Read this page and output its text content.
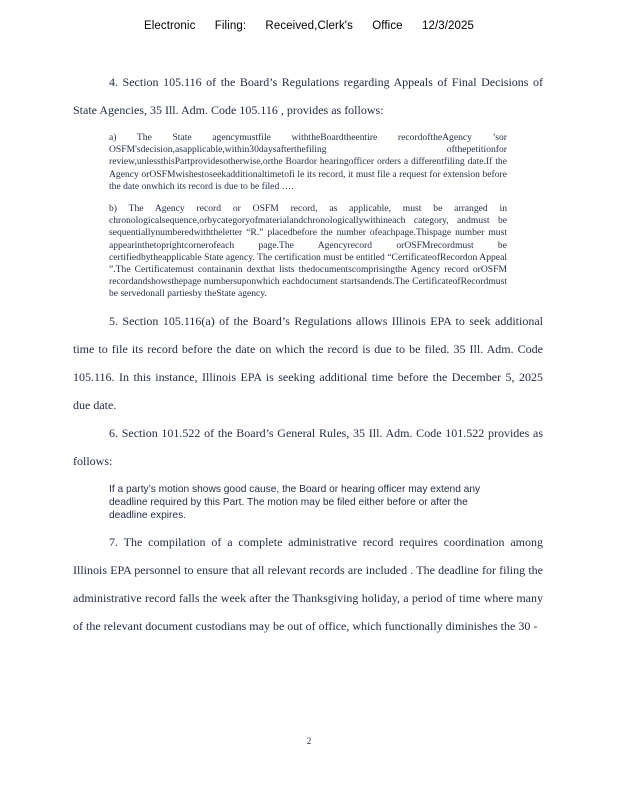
Electronic Filing: Received,Clerk's Office 12/3/2025

4. Section 105.116 of the Board’s Regulations regarding Appeals of Final Decisions of State Agencies, 35 Ill. Adm. Code 105.116 , provides as follows:

a) The State agencymustfile withtheBoardtheentire recordoftheAgency ’sor OSFM'sdecision,asapplicable,within30daysafterthefiling ofthepetitionfor review,unlessthisPartprovidesotherwise,orthe Boardor hearingofficer orders a differentfiling date.If the Agency orOSFMwishestoseekadditionaltimetofi le its record, it must file a request for extension before the date onwhich its record is due to be filed ….

b) The Agency record or OSFM record, as applicable, must be arranged in chronologicalsequence,orbycategoryofmaterialandchronologicallywithineach category, andmust be sequentiallynumberedwiththeletter “R.” placedbefore the number ofeachpage.Thispage number must appearinthetoprightcornerofeach page.The Agencyrecord orOSFMrecordmust be certifiedbytheapplicable State agency. The certification must be entitled “CertificateofRecordon Appeal ”.The Certificatemust containanin dexthat lists thedocumentscomprisingthe Agency record orOSFM recordandshowsthepage numbersuponwhich eachdocument startsandends.The CertificateofRecordmust be servedonall partiesby theState agency.

5. Section 105.116(a) of the Board’s Regulations allows Illinois EPA to seek additional time to file its record before the date on which the record is due to be filed. 35 Ill. Adm. Code 105.116. In this instance, Illinois EPA is seeking additional time before the December 5, 2025 due date.

6. Section 101.522 of the Board’s General Rules, 35 Ill. Adm. Code 101.522 provides as follows:

If a party’s motion shows good cause, the Board or hearing officer may extend any deadline required by this Part. The motion may be filed either before or after the deadline expires.

7. The compilation of a complete administrative record requires coordination among Illinois EPA personnel to ensure that all relevant records are included . The deadline for filing the administrative record falls the week after the Thanksgiving holiday, a period of time where many of the relevant document custodians may be out of office, which functionally diminishes the 30 -

2
